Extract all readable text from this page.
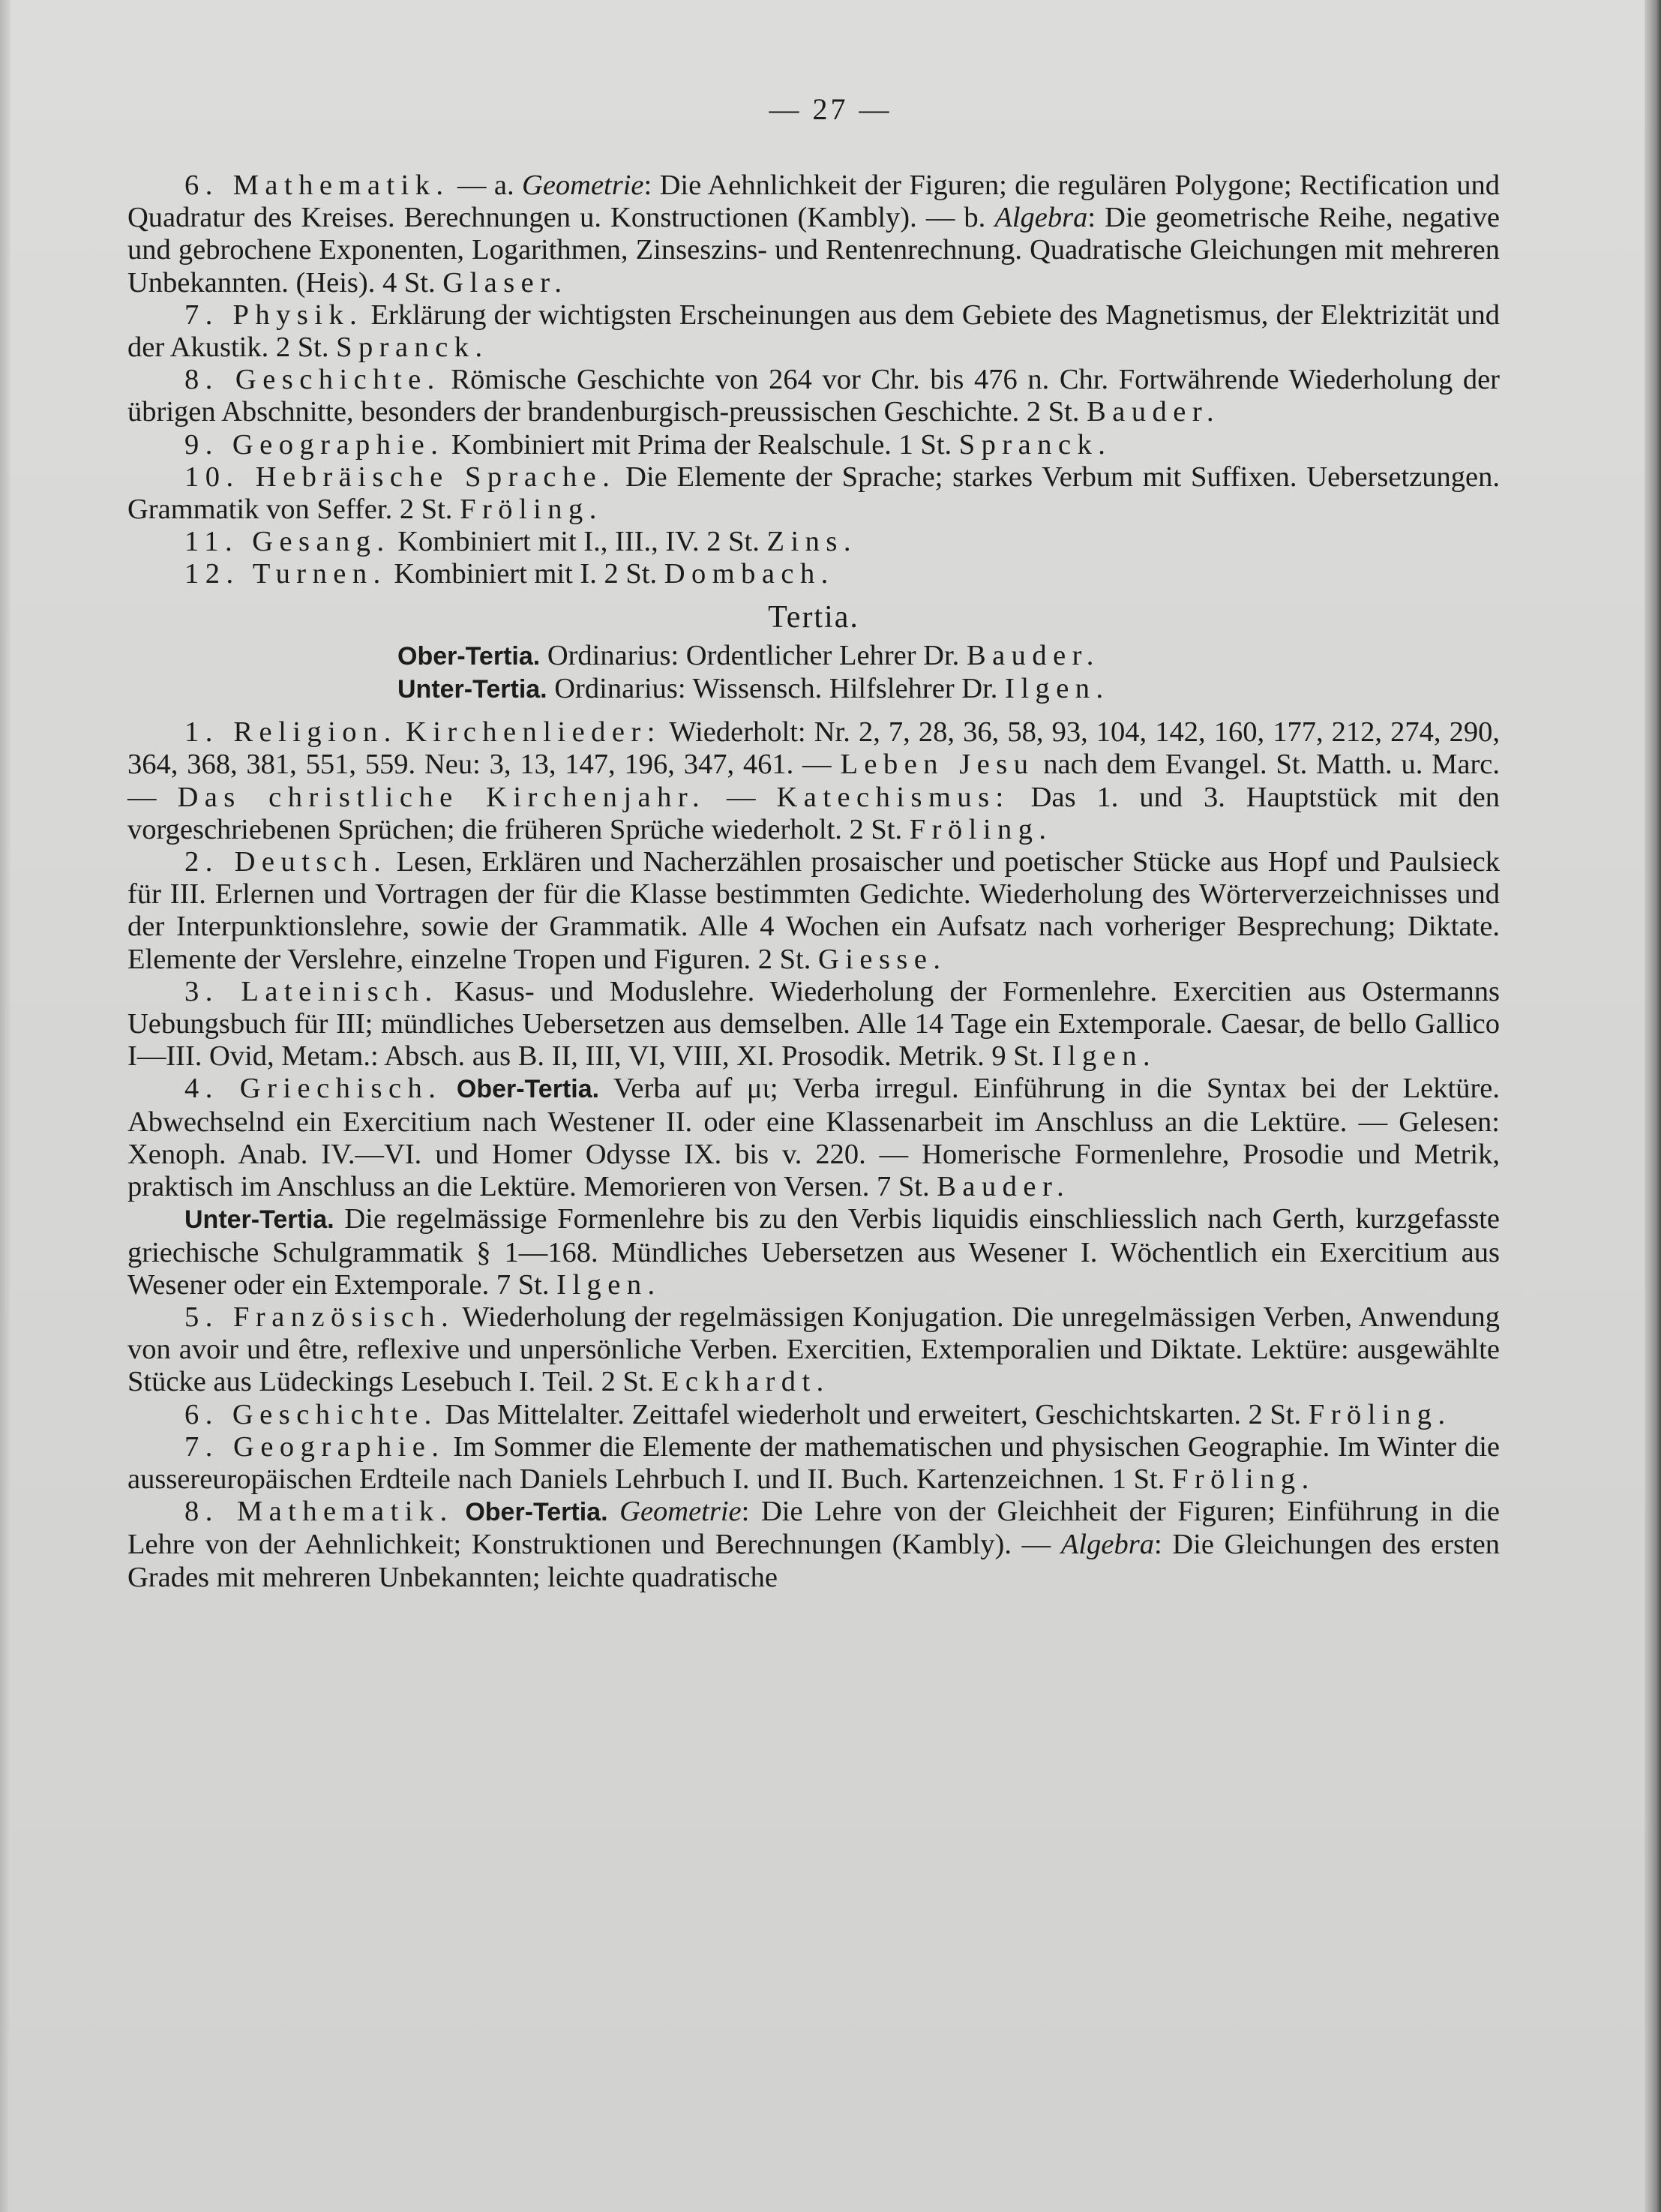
— 27 —

6. Mathematik. — a. Geometrie: Die Aehnlichkeit der Figuren; die regulären Polygone; Rectification und Quadratur des Kreises. Berechnungen u. Konstructionen (Kambly). — b. Algebra: Die geometrische Reihe, negative und gebrochene Exponenten, Logarithmen, Zinseszins- und Rentenrechnung. Quadratische Gleichungen mit mehreren Unbekannten. (Heis). 4 St. Glaser.

7. Physik. Erklärung der wichtigsten Erscheinungen aus dem Gebiete des Magnetismus, der Elektrizität und der Akustik. 2 St. Spranck.

8. Geschichte. Römische Geschichte von 264 vor Chr. bis 476 n. Chr. Fortwährende Wiederholung der übrigen Abschnitte, besonders der brandenburgisch-preussischen Geschichte. 2 St. Bauder.

9. Geographie. Kombiniert mit Prima der Realschule. 1 St. Spranck.

10. Hebräische Sprache. Die Elemente der Sprache; starkes Verbum mit Suffixen. Uebersetzungen. Grammatik von Seffer. 2 St. Fröling.

11. Gesang. Kombiniert mit I., III., IV. 2 St. Zins.

12. Turnen. Kombiniert mit I. 2 St. Dombach.

Tertia.

Ober-Tertia. Ordinarius: Ordentlicher Lehrer Dr. Bauder.

Unter-Tertia. Ordinarius: Wissensch. Hilfslehrer Dr. Ilgen.

1. Religion. Kirchenlieder: Wiederholt: Nr. 2, 7, 28, 36, 58, 93, 104, 142, 160, 177, 212, 274, 290, 364, 368, 381, 551, 559. Neu: 3, 13, 147, 196, 347, 461. — Leben Jesu nach dem Evangel. St. Matth. u. Marc. — Das christliche Kirchenjahr. — Katechismus: Das 1. und 3. Hauptstück mit den vorgeschriebenen Sprüchen; die früheren Sprüche wiederholt. 2 St. Fröling.

2. Deutsch. Lesen, Erklären und Nacherzählen prosaischer und poetischer Stücke aus Hopf und Paulsieck für III. Erlernen und Vortragen der für die Klasse bestimmten Gedichte. Wiederholung des Wörterverzeichnisses und der Interpunktionslehre, sowie der Grammatik. Alle 4 Wochen ein Aufsatz nach vorheriger Besprechung; Diktate. Elemente der Verslehre, einzelne Tropen und Figuren. 2 St. Giesse.

3. Lateinisch. Kasus- und Moduslehre. Wiederholung der Formenlehre. Exercitien aus Ostermanns Uebungsbuch für III; mündliches Uebersetzen aus demselben. Alle 14 Tage ein Extemporale. Caesar, de bello Gallico I—III. Ovid, Metam.: Absch. aus B. II, III, VI, VIII, XI. Prosodik. Metrik. 9 St. Ilgen.

4. Griechisch. Ober-Tertia. Verba auf μι; Verba irregul. Einführung in die Syntax bei der Lektüre. Abwechselnd ein Exercitium nach Westener II. oder eine Klassenarbeit im Anschluss an die Lektüre. — Gelesen: Xenoph. Anab. IV.—VI. und Homer Odysse IX. bis v. 220. — Homerische Formenlehre, Prosodie und Metrik, praktisch im Anschluss an die Lektüre. Memorieren von Versen. 7 St. Bauder.

Unter-Tertia. Die regelmässige Formenlehre bis zu den Verbis liquidis einschliesslich nach Gerth, kurzgefasste griechische Schulgrammatik § 1—168. Mündliches Uebersetzen aus Wesener I. Wöchentlich ein Exercitium aus Wesener oder ein Extemporale. 7 St. Ilgen.

5. Französisch. Wiederholung der regelmässigen Konjugation. Die unregelmässigen Verben, Anwendung von avoir und être, reflexive und unpersönliche Verben. Exercitien, Extemporalien und Diktate. Lektüre: ausgewählte Stücke aus Lüdeckings Lesebuch I. Teil. 2 St. Eckhardt.

6. Geschichte. Das Mittelalter. Zeittafel wiederholt und erweitert, Geschichtskarten. 2 St. Fröling.

7. Geographie. Im Sommer die Elemente der mathematischen und physischen Geographie. Im Winter die aussereuropäischen Erdteile nach Daniels Lehrbuch I. und II. Buch. Kartenzeichnen. 1 St. Fröling.

8. Mathematik. Ober-Tertia. Geometrie: Die Lehre von der Gleichheit der Figuren; Einführung in die Lehre von der Aehnlichkeit; Konstruktionen und Berechnungen (Kambly). — Algebra: Die Gleichungen des ersten Grades mit mehreren Unbekannten; leichte quadratische
